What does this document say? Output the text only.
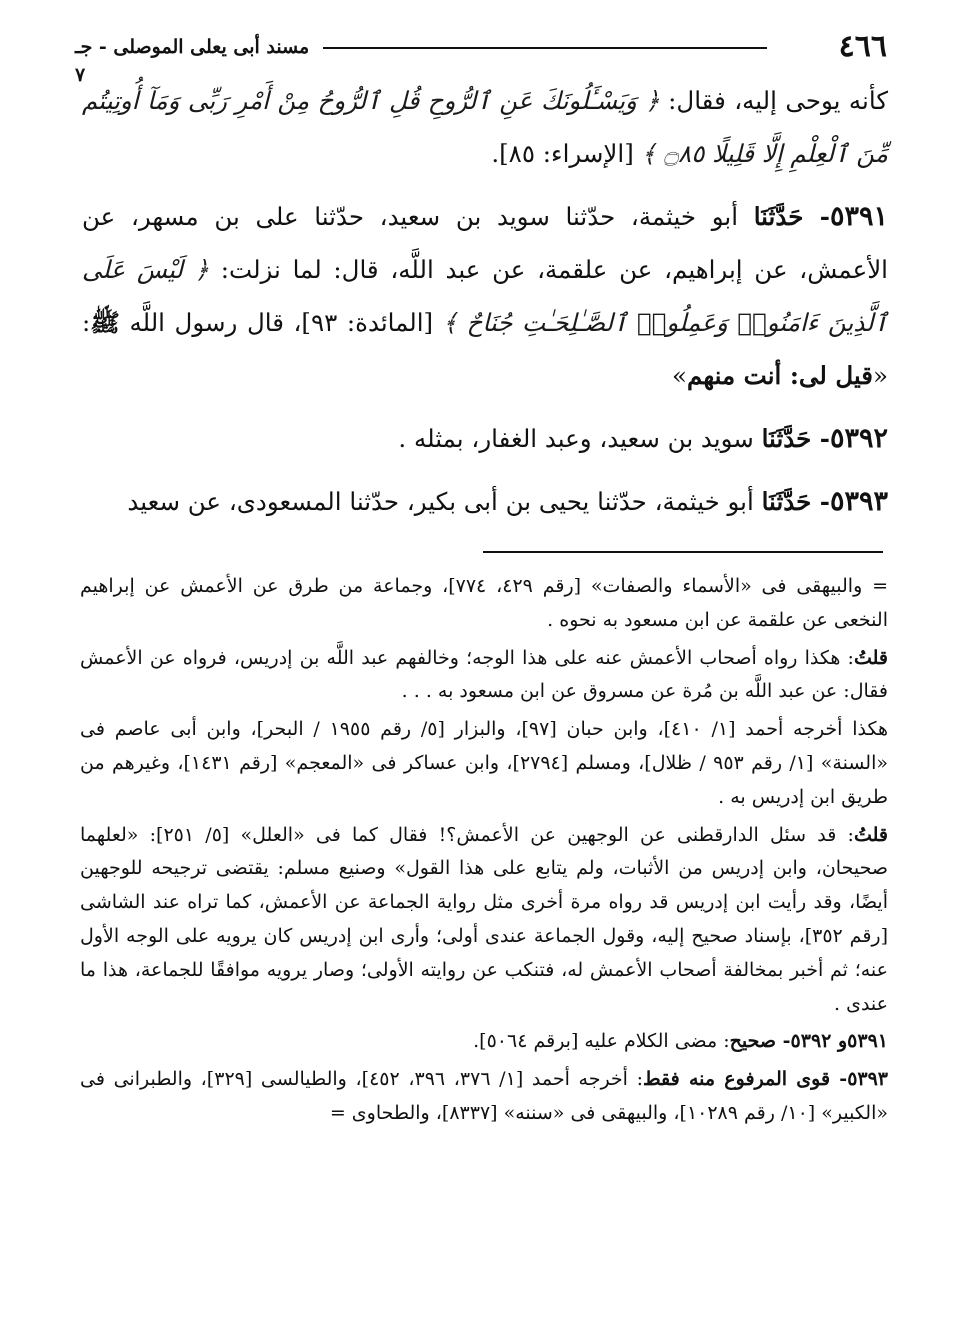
٤٦٦
مسند أبى يعلى الموصلى - جـ ٧

كأنه يوحى إليه، فقال: ﴿ وَيَسْـَٔلُونَكَ عَنِ ٱلرُّوحِ قُلِ ٱلرُّوحُ مِنْ أَمْرِ رَبِّى وَمَآ أُوتِيتُم مِّنَ ٱلْعِلْمِ إِلَّا قَلِيلًا ۝٨٥ ﴾ [الإسراء: ٨٥].

٥٣٩١- حَدَّثَنَا أبو خيثمة، حدّثنا سويد بن سعيد، حدّثنا على بن مسهر، عن الأعمش، عن إبراهيم، عن علقمة، عن عبد اللَّه، قال: لما نزلت: ﴿ لَيْسَ عَلَى ٱلَّذِينَ ءَامَنُوا۟ وَعَمِلُوا۟ ٱلصَّـٰلِحَـٰتِ جُنَاحٌ ﴾ [المائدة: ٩٣]، قال رسول اللَّه ﷺ: «قيل لى: أنت منهم»

٥٣٩٢- حَدَّثَنَا سويد بن سعيد، وعبد الغفار، بمثله .

٥٣٩٣- حَدَّثَنَا أبو خيثمة، حدّثنا يحيى بن أبى بكير، حدّثنا المسعودى، عن سعيد

= والبيهقى فى «الأسماء والصفات» [رقم ٤٢٩، ٧٧٤]، وجماعة من طرق عن الأعمش عن إبراهيم النخعى عن علقمة عن ابن مسعود به نحوه .

قلتُ: هكذا رواه أصحاب الأعمش عنه على هذا الوجه؛ وخالفهم عبد اللَّه بن إدريس، فرواه عن الأعمش فقال: عن عبد اللَّه بن مُرة عن مسروق عن ابن مسعود به . . .

هكذا أخرجه أحمد [١/ ٤١٠]، وابن حبان [٩٧]، والبزار [٥/ رقم ١٩٥٥ / البحر]، وابن أبى عاصم فى «السنة» [١/ رقم ٩٥٣ / ظلال]، ومسلم [٢٧٩٤]، وابن عساكر فى «المعجم» [رقم ١٤٣١]، وغيرهم من طريق ابن إدريس به .

قلتُ: قد سئل الدارقطنى عن الوجهين عن الأعمش؟! فقال كما فى «العلل» [٥/ ٢٥١]: «لعلهما صحيحان، وابن إدريس من الأثبات، ولم يتابع على هذا القول» وصنيع مسلم: يقتضى ترجيحه للوجهين أيضًا، وقد رأيت ابن إدريس قد رواه مرة أخرى مثل رواية الجماعة عن الأعمش، كما تراه عند الشاشى [رقم ٣٥٢]، بإسناد صحيح إليه، وقول الجماعة عندى أولى؛ وأرى ابن إدريس كان يرويه على الوجه الأول عنه؛ ثم أخبر بمخالفة أصحاب الأعمش له، فتنكب عن روايته الأولى؛ وصار يرويه موافقًا للجماعة، هذا ما عندى .

٥٣٩١و ٥٣٩٢- صحيح: مضى الكلام عليه [برقم ٥٠٦٤].

٥٣٩٣- قوى المرفوع منه فقط: أخرجه أحمد [١/ ٣٧٦، ٣٩٦، ٤٥٢]، والطيالسى [٣٢٩]، والطبرانى فى «الكبير» [١٠/ رقم ١٠٢٨٩]، والبيهقى فى «سننه» [٨٣٣٧]، والطحاوى =
